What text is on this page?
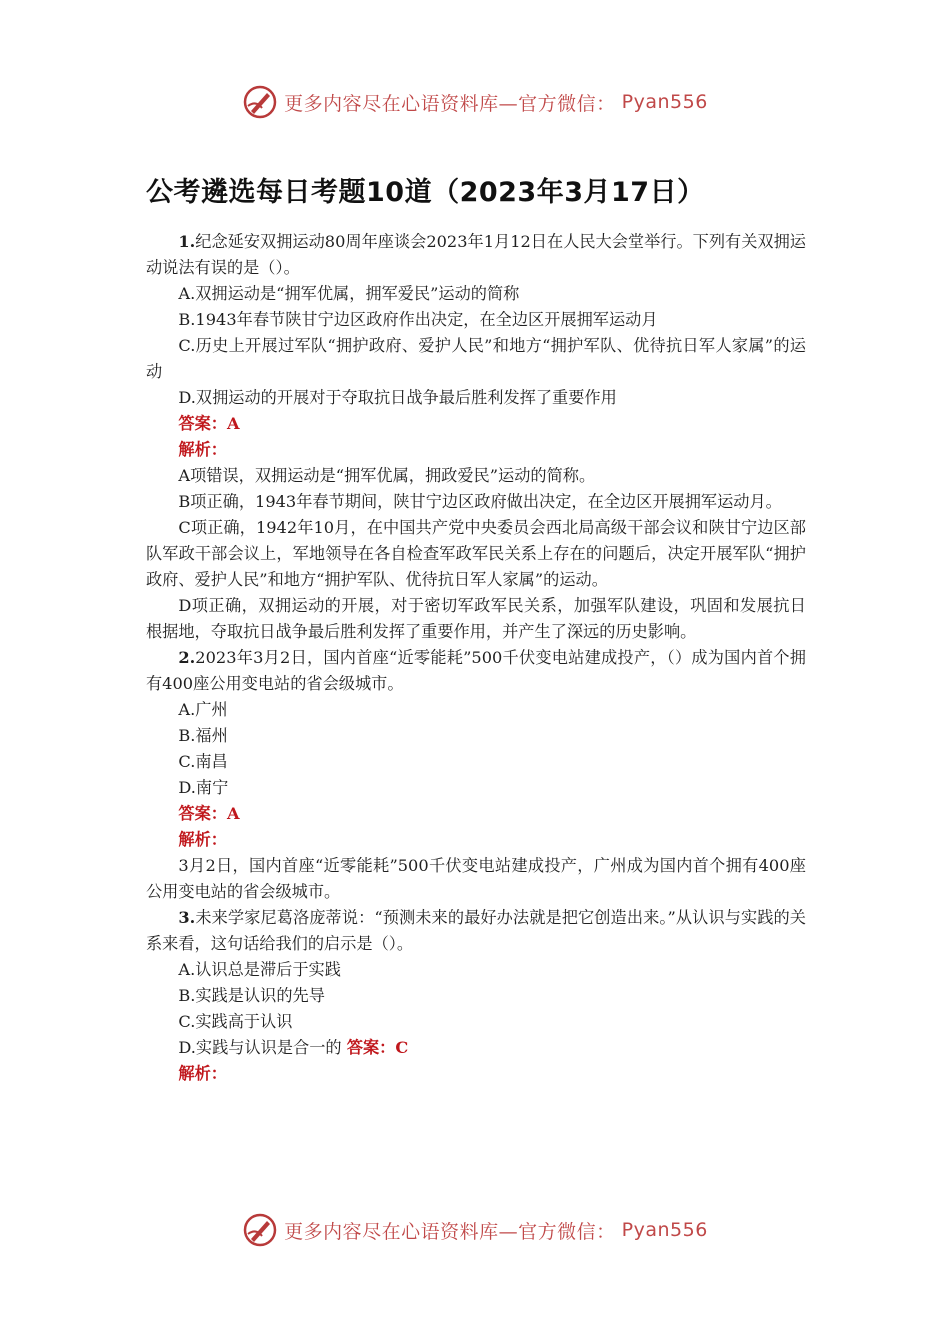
更多内容尽在心语资料库—官方微信： Pyan556
公考遴选每日考题10道（2023年3月17日）

1.纪念延安双拥运动80周年座谈会2023年1月12日在人民大会堂举行。下列有关双拥运动说法有误的是（）。

A.双拥运动是“拥军优属，拥军爱民”运动的简称

B.1943年春节陕甘宁边区政府作出决定，在全边区开展拥军运动月

C.历史上开展过军队“拥护政府、爱护人民”和地方“拥护军队、优待抗日军人家属”的运动

D.双拥运动的开展对于夺取抗日战争最后胜利发挥了重要作用

答案：A

解析：

A项错误，双拥运动是“拥军优属，拥政爱民”运动的简称。

B项正确，1943年春节期间，陕甘宁边区政府做出决定，在全边区开展拥军运动月。

C项正确，1942年10月，在中国共产党中央委员会西北局高级干部会议和陕甘宁边区部队军政干部会议上，军地领导在各自检查军政军民关系上存在的问题后，决定开展军队“拥护政府、爱护人民”和地方“拥护军队、优待抗日军人家属”的运动。

D项正确，双拥运动的开展，对于密切军政军民关系，加强军队建设，巩固和发展抗日根据地，夺取抗日战争最后胜利发挥了重要作用，并产生了深远的历史影响。

2.2023年3月2日，国内首座“近零能耗”500千伏变电站建成投产，（）成为国内首个拥有400座公用变电站的省会级城市。

A.广州

B.福州

C.南昌

D.南宁

答案：A

解析：

3月2日，国内首座“近零能耗”500千伏变电站建成投产，广州成为国内首个拥有400座公用变电站的省会级城市。

3.未来学家尼葛洛庞蒂说：“预测未来的最好办法就是把它创造出来。”从认识与实践的关系来看，这句话给我们的启示是（）。

A.认识总是滞后于实践

B.实践是认识的先导

C.实践高于认识

D.实践与认识是合一的 答案：C

解析：

更多内容尽在心语资料库—官方微信： Pyan556
